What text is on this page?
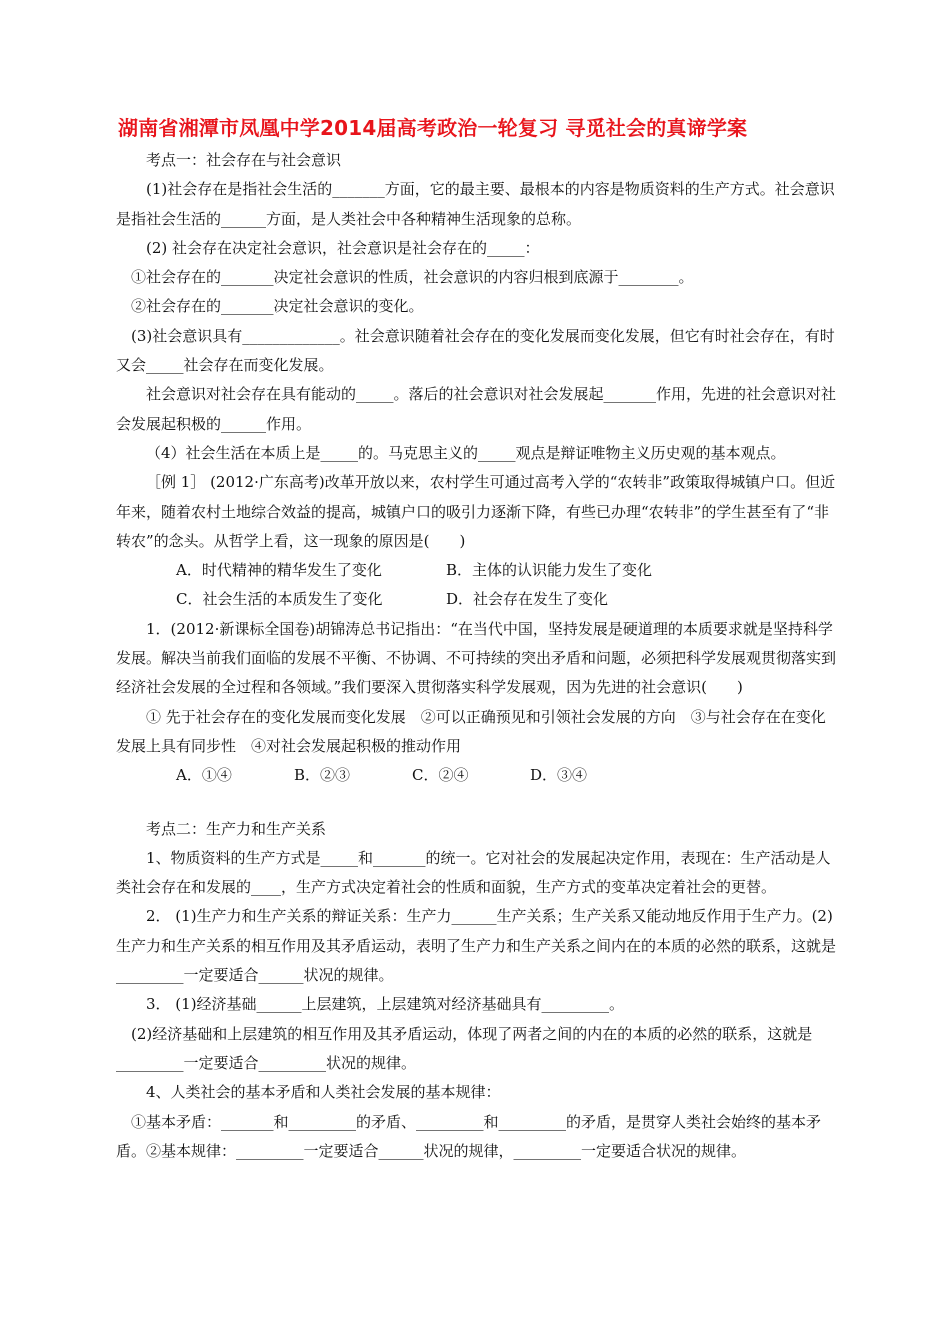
湖南省湘潭市凤凰中学2014届高考政治一轮复习 寻觅社会的真谛学案

考点一：社会存在与社会意识

(1)社会存在是指社会生活的_______方面，它的最主要、最根本的内容是物质资料的生产方式。社会意识是指社会生活的______方面，是人类社会中各种精神生活现象的总称。

(2) 社会存在决定社会意识，社会意识是社会存在的_____：

①社会存在的_______决定社会意识的性质，社会意识的内容归根到底源于________。

②社会存在的_______决定社会意识的变化。

(3)社会意识具有_____________。社会意识随着社会存在的变化发展而变化发展，但它有时社会存在，有时又会_____社会存在而变化发展。

社会意识对社会存在具有能动的_____。落后的社会意识对社会发展起_______作用，先进的社会意识对社会发展起积极的______作用。

（4）社会生活在本质上是_____的。马克思主义的_____观点是辩证唯物主义历史观的基本观点。

［例 1］ (2012·广东高考)改革开放以来，农村学生可通过高考入学的“农转非”政策取得城镇户口。但近年来，随着农村土地综合效益的提高，城镇户口的吸引力逐渐下降，有些已办理“农转非”的学生甚至有了“非转农”的念头。从哲学上看，这一现象的原因是(　　)

A．时代精神的精华发生了变化	B．主体的认识能力发生了变化

C．社会生活的本质发生了变化	D．社会存在发生了变化

1．(2012·新课标全国卷)胡锦涛总书记指出：“在当代中国，坚持发展是硬道理的本质要求就是坚持科学发展。解决当前我们面临的发展不平衡、不协调、不可持续的突出矛盾和问题，必须把科学发展观贯彻落实到经济社会发展的全过程和各领域。”我们要深入贯彻落实科学发展观，因为先进的社会意识(　　)

① 先于社会存在的变化发展而变化发展　②可以正确预见和引领社会发展的方向　③与社会存在在变化发展上具有同步性　④对社会发展起积极的推动作用

A．①④	B．②③	C．②④	D．③④

考点二：生产力和生产关系

1、物质资料的生产方式是_____和_______的统一。它对社会的发展起决定作用，表现在：生产活动是人类社会存在和发展的____，生产方式决定着社会的性质和面貌，生产方式的变革决定着社会的更替。

2． (1)生产力和生产关系的辩证关系：生产力______生产关系；生产关系又能动地反作用于生产力。(2)生产力和生产关系的相互作用及其矛盾运动，表明了生产力和生产关系之间内在的本质的必然的联系，这就是_________一定要适合______状况的规律。

3． (1)经济基础______上层建筑，上层建筑对经济基础具有_________。

(2)经济基础和上层建筑的相互作用及其矛盾运动，体现了两者之间的内在的本质的必然的联系，这就是_________一定要适合_________状况的规律。

4、人类社会的基本矛盾和人类社会发展的基本规律：

①基本矛盾：_______和_________的矛盾、_________和_________的矛盾，是贯穿人类社会始终的基本矛盾。②基本规律：_________一定要适合______状况的规律，_________一定要适合状况的规律。
